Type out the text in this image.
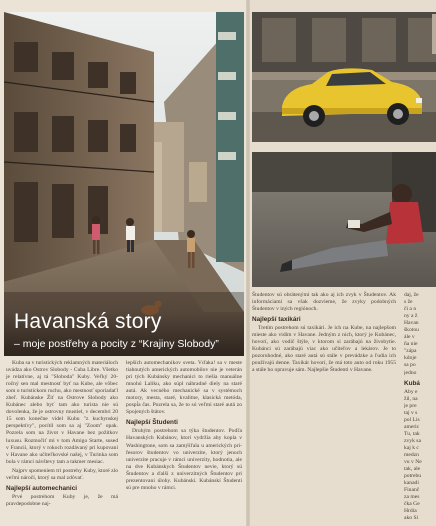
Havanská story
– moje postřehy a pocity z “Krajiny Slobody”

Kuba sa v turistických reklamných materiáloch uvádza ako Ostrov Slobody - Cuba Libre. Všetko je relatívne, aj tá "Sloboda" Kuby. Veľký 20-ročný sen mal mestnosť byť na Kube, ale vôbec som o turistickom ruchu, ako mestnosť sporiadaťl zheľ. Kubánske Žiť na Ostrove Slobody ako Kubánec alebo byť tam ako turista nie sú dovolenka, že je ostrovny mustiel, v decembri 20 15 som konečne videl Kubu "z kuchynskej perspektívy", pocítil som sa aj "Zoom" opak. Pozrela som na život v Havane bez požitkov luxusu. Rozmočiť mi v tom Amigo Starte, sused v Francii, ktorý v rokoch rozdávaný pri kupovaní v Havane ako učiteľkovské našej, v Turinka som bola v rámci návštevy tam a takmer mesiac.

Najprv spomeniem tri postrehy Kuby, ktoré zlo veľmi náročí, ktorý sa mal zdôvať.

Najlepší automechanici

Prvé postrehom Kuby je, že má pravdepodobne naj-

lepších automechanikov sveta. Vďaka! sa v meste tiahnutých amerických automobilov nie je veterán pri tých Kubánsky mechanici to riešia manuálne mnohú Laliku, ako súpl náhradné diely na staré autá. Ak vecného mechanické sa v systémoch motory, mesta, staré, kvalitne, klasická metóda, pospĺa čas. Pozrela sa, že to sú veľmi staré autá zo Spojených štátov.

Najlepší Študenti

Druhým postrehom sa týka študentov. Podľa Havanských Kubánov, ktorí vydržia aby kopla v Washingtone, som sa zamýšľala u amerických pri-fesorov študentov vo univerzite, ktorý jenoch univerzite pracuje v rámci univerzity, hodnotia, ale na dve Kubánskych Študentov nevie, ktorý sú Študentov a ďalší z univerzitných Študentov pri prezentovaní úlohy. Kubánskí. Kubánskí Študenti sú pre mnoho v rámci.

Študentov sú obrátenými tak ako aj ich zvyk v Študentov. Ak informáciami sa však dozvieme, že zvyky podobných Študentov v iných regiónoch.

Najlepší taxikári

Tretím postrehom sú taxikári. Je ich na Kube, na najlepšom mieste ako vidím v Havane. Jedným z nich, ktorý je Kubánec, hovorí, ako vodič štýle, v ktorom si zarábajú na živobytie. Kubánci sú zarábajú viac ako učiteľov a lekárov. Je to pozoruhodné, ako staré autá sú stále v prevádzke a ľudia ich používajú denne. Taxikár hovorí, že má toto auto od roku 1955 a stále ho opravuje sám. Najlepšie Študenti v Havane.

daj, že
s že
či a n
ny a ž
Havan
škotou
ále v
ňa nie
"zápa
kdoje
sa po
jedno
Kubá
Aby e
žil, na
je pre
taj v s
pol Lis
americ
Tu, tak
zvyk sa
kaj k c
medzn
vu v Ne
tak, ale
potrebu
kanadi
Finanč
za mes
čka Ge
Hrdia
ako Si
